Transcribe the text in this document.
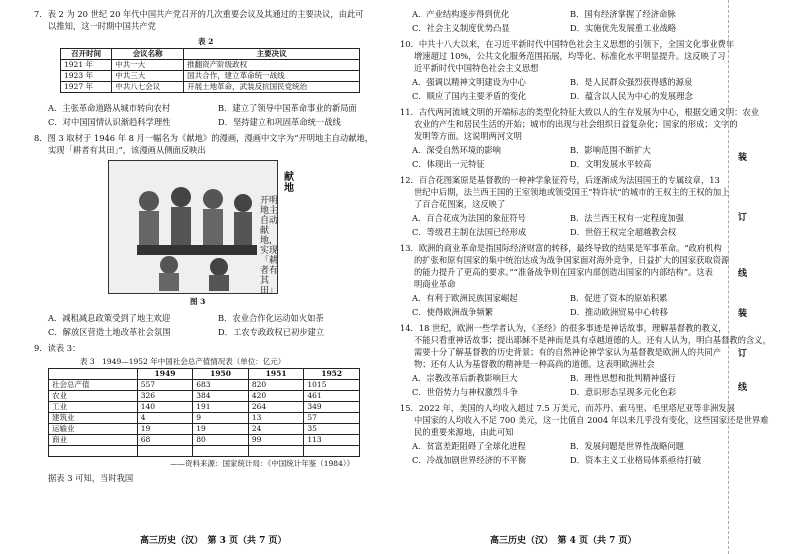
7．表 2 为 20 世纪 20 年代中国共产党召开的几次重要会议及其通过的主要决议，由此可
以推知，这一时期中国共产党
表 2
召开时间	会议名称	主要决议
1921 年	中共一大	推翻资产阶级政权
1923 年	中共三大	国共合作，建立革命统一战线
1927 年	中共八七会议	开展土地革命，武装反抗国民党统治
A．主张革命道路从城市转向农村	B．建立了领导中国革命事业的新局面
C．对中国国情认识渐趋科学理性	D．坚持建立和巩固革命统一战线
8．图 3 取材于 1946 年 8 月一幅名为《献地》的漫画，漫画中文字为“开明地主自动献地，
实现「耕者有其田」”，该漫画从侧面反映出
献地
开明地主自动献地，实现「耕者有其田」
图 3
A．减租减息政策受到了地主欢迎	B．农业合作化运动如火如荼
C．解放区营造土地改革社会氛围	D．工农专政政权已初步建立
9．读表 3：
表 3　1949—1952 年中国社会总产值情况表（单位：亿元）
	1949	1950	1951	1952
社会总产值	557	683	820	1015
农业	326	384	420	461
工业	140	191	264	349
建筑业	4	9	13	57
运输业	19	19	24	35
商业	68	80	99	113

——资料来源：国家统计局：《中国统计年鉴（1984）》
据表 3 可知，当时我国
高三历史（汉）　第 3 页（共 7 页）
A．产业结构逐步得到优化	B．国有经济掌握了经济命脉
C．社会主义制度优势凸显	D．实施优先发展重工业战略
10．中共十八大以来，在习近平新时代中国特色社会主义思想的引领下，全国文化事业费年
增速超过 10%，公共文化服务范围拓展，均等化、标准化水平明显提升。这反映了习
近平新时代中国特色社会主义思想
A．强调以精神文明建设为中心	B．是人民群众强烈获得感的源泉
C．顺应了国内主要矛盾的变化	D．蕴含以人民为中心的发展理念
11．古代两河流域文明的开端标志的类型化特征大致以人的生存发展为中心，根据交通文明：农业
农业的产生和居民生活的开始；城市的出现与社会组织日益复杂化；国家的形成；文字的
发明等方面。这说明两河文明
A．深受自然环境的影响	B．影响范围不断扩大
C．体现出一元特征	D．文明发展水平较高
12．百合花图案原是基督教的一种神学象征符号，后逐渐成为法国国王的专属纹章，13
世纪中后期，法兰西王国的王室领地或领受国王“特许状”的城市的王权主的王权的加上
了百合花图案，这反映了
A．百合花成为法国的象征符号	B．法兰西王权有一定程度加强
C．等级君主制在法国已经形成	D．世俗王权完全超越教会权
13．欧洲的商业革命是指国际经济财富的转移，最终导致的结果是军事革命。“政府机构
的扩张和原有国家的集中统治达成为战争国家面对海外竞争，日益扩大的国家获取资源
的能力提升了更高的要求。”“准备战争则在国家内部创造出国家的内部结构”。这表
明商业革命
A．有利于欧洲民族国家崛起	B．促进了资本的原始积累
C．使得欧洲战争频繁	D．推动欧洲贸易中心转移
14．18 世纪，欧洲一些学者认为，《圣经》的很多事迹是神话故事，理解基督教的教义，
不能只看重神话故事；提出耶稣不是神而是具有卓越道德的人。还有人认为，明白基督教的含义，
需要十分了解基督教的历史背景；有的自然神论神学家认为基督教是欧洲人的共同产
物；还有人认为基督教的精神是一种高尚的道德。这表明欧洲社会
A．宗教改革后新教影响巨大	B．理性思想和批判精神盛行
C．世俗势力与神权激烈斗争	D．意识形态呈现多元化色彩
15．2022 年，美国的人均收入超过 7.5 万美元，而苏丹、索马里、毛里塔尼亚等非洲发展
中国家的人均收入不足 700 美元，这一比值自 2004 年以来几乎没有变化，这些国家还是世界难
民的重要来源地，由此可知
A．贫富差距阻碍了全球化进程	B．发展问题是世界性战略问题
C．冷战加剧世界经济的不平衡	D．资本主义工业格局体系亟待打破
高三历史（汉）　第 4 页（共 7 页）
装
订
线
装
订
线
